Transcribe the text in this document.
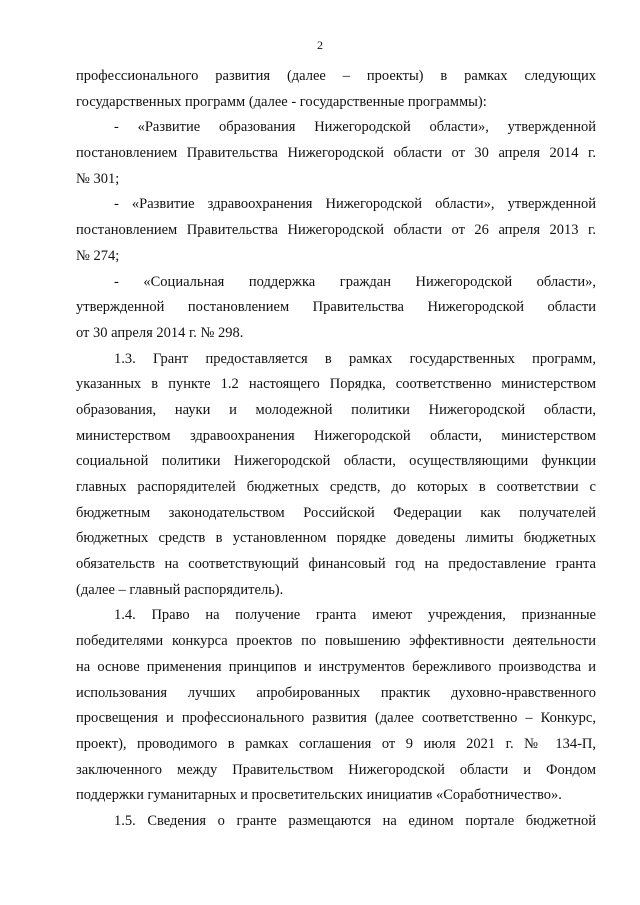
2
профессионального развития (далее – проекты) в рамках следующих
государственных программ (далее - государственные программы):
- «Развитие образования Нижегородской области», утвержденной
постановлением Правительства Нижегородской области от 30 апреля 2014 г.
№ 301;
- «Развитие здравоохранения Нижегородской области», утвержденной
постановлением Правительства Нижегородской области от 26 апреля 2013 г.
№ 274;
- «Социальная поддержка граждан Нижегородской области»,
утвержденной постановлением Правительства Нижегородской области
от 30 апреля 2014 г. № 298.
1.3. Грант предоставляется в рамках государственных программ,
указанных в пункте 1.2 настоящего Порядка, соответственно министерством
образования, науки и молодежной политики Нижегородской области,
министерством здравоохранения Нижегородской области, министерством
социальной политики Нижегородской области, осуществляющими функции
главных распорядителей бюджетных средств, до которых в соответствии с
бюджетным законодательством Российской Федерации как получателей
бюджетных средств в установленном порядке доведены лимиты бюджетных
обязательств на соответствующий финансовый год на предоставление гранта
(далее – главный распорядитель).
1.4. Право на получение гранта имеют учреждения, признанные
победителями конкурса проектов по повышению эффективности деятельности
на основе применения принципов и инструментов бережливого производства и
использования лучших апробированных практик духовно-нравственного
просвещения и профессионального развития (далее соответственно – Конкурс,
проект), проводимого в рамках соглашения от 9 июля 2021 г. № 134-П,
заключенного между Правительством Нижегородской области и Фондом
поддержки гуманитарных и просветительских инициатив «Соработничество».
1.5. Сведения о гранте размещаются на едином портале бюджетной
